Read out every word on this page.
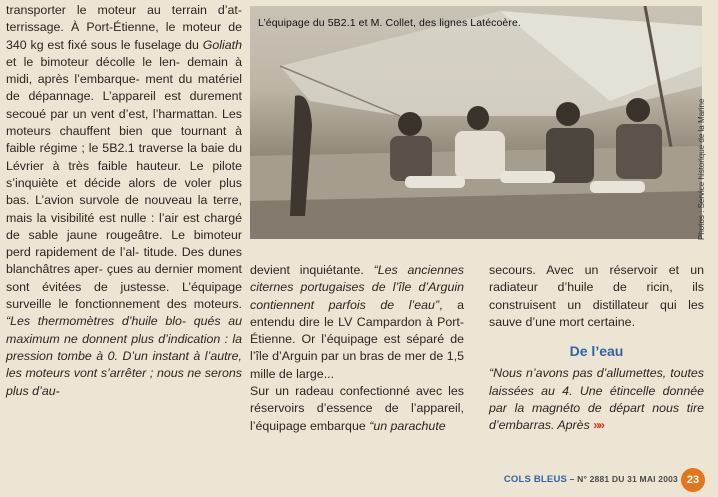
transporter le moteur au terrain d’at- terrissage. À Port-Étienne, le moteur de 340 kg est fixé sous le fuselage du Goliath et le bimoteur décolle le len- demain à midi, après l’embarque- ment du matériel de dépannage. L’appareil est durement secoué par un vent d’est, l’harmattan. Les moteurs chauffent bien que tournant à faible régime ; le 5B2.1 traverse la baie du Lévrier à très faible hauteur. Le pilote s’inquiète et décide alors de voler plus bas. L’avion survole de nouveau la terre, mais la visibilité est nulle : l’air est chargé de sable jaune rougeâtre. Le bimoteur perd rapidement de l’al- titude. Des dunes blanchâtres aper- çues au dernier moment sont évitées de justesse. L’équipage surveille le fonctionnement des moteurs. “Les thermomètres d’huile blo- qués au maximum ne donnent plus d’indication : la pression tombe à 0. D’un instant à l’autre, les moteurs vont s’arrêter ; nous ne serons plus d’au-

L’équipage du 5B2.1 et M. Collet, des lignes Latécoère.
Photos : Service historique de la Marine

devient inquiétante. “Les anciennes citernes portugaises de l’île d’Arguin contiennent parfois de l’eau”, a entendu dire le LV Campardon à Port-Étienne. Or l’équipage est séparé de l’île d’Arguin par un bras de mer de 1,5 mille de large...

Sur un radeau confectionné avec les réservoirs d’essence de l’appareil, l’équipage embarque “un parachute

secours. Avec un réservoir et un radiateur d’huile de ricin, ils construisent un distillateur qui les sauve d’une mort certaine.

De l’eau

“Nous n’avons pas d’allumettes, toutes laissées au 4. Une étincelle donnée par la magnéto de départ nous tire d’embarras. Après »»

COLS BLEUS – N° 2881 DU 31 MAI 2003 23
